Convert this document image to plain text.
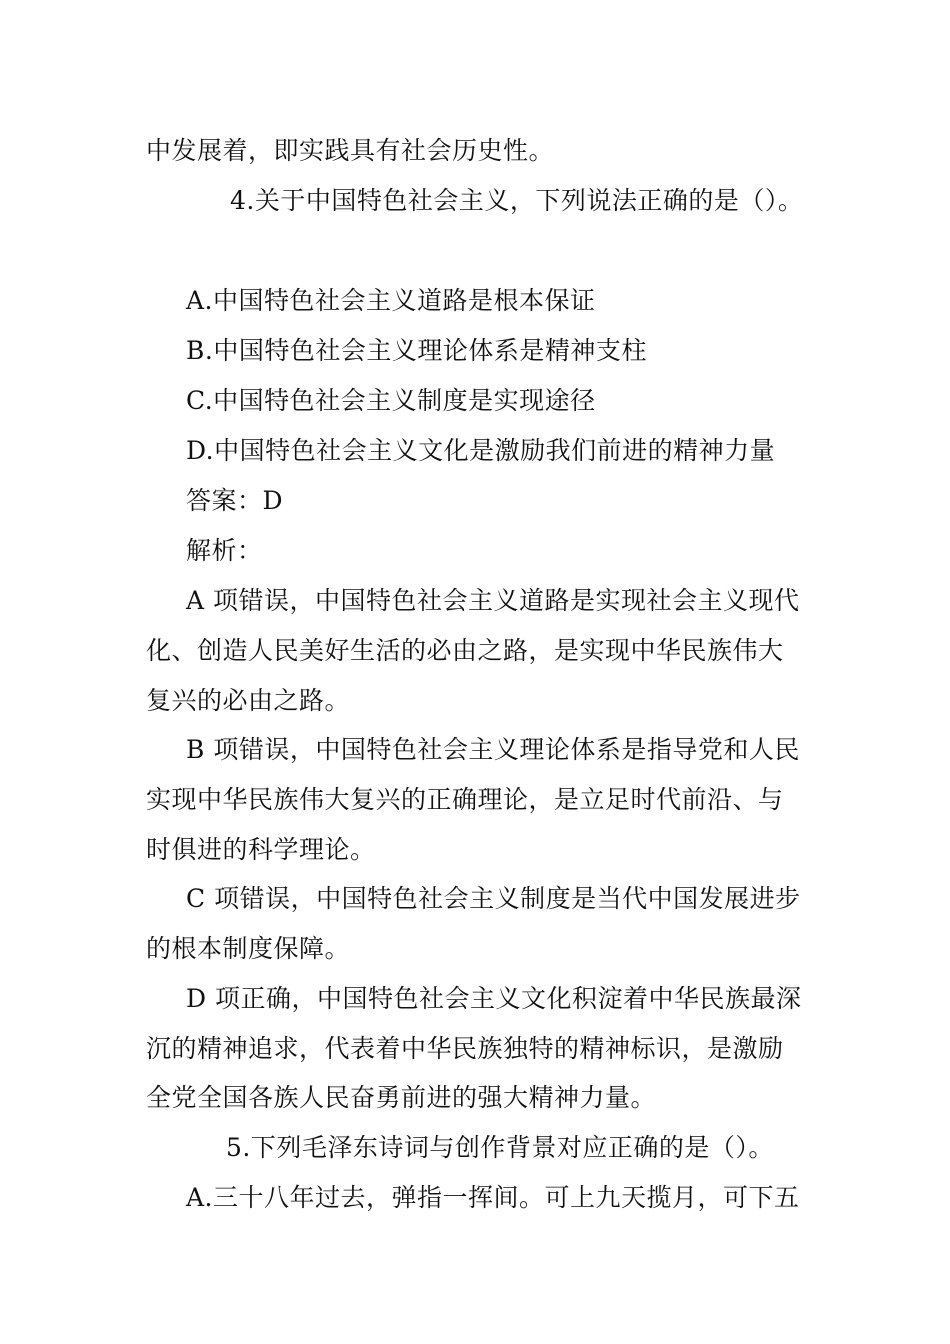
中发展着，即实践具有社会历史性。
4.关于中国特色社会主义，下列说法正确的是（）。
A.中国特色社会主义道路是根本保证
B.中国特色社会主义理论体系是精神支柱
C.中国特色社会主义制度是实现途径
D.中国特色社会主义文化是激励我们前进的精神力量
答案：D
解析：
A 项错误，中国特色社会主义道路是实现社会主义现代
化、创造人民美好生活的必由之路，是实现中华民族伟大
复兴的必由之路。
B 项错误，中国特色社会主义理论体系是指导党和人民
实现中华民族伟大复兴的正确理论，是立足时代前沿、与
时俱进的科学理论。
C 项错误，中国特色社会主义制度是当代中国发展进步
的根本制度保障。
D 项正确，中国特色社会主义文化积淀着中华民族最深
沉的精神追求，代表着中华民族独特的精神标识，是激励
全党全国各族人民奋勇前进的强大精神力量。
5.下列毛泽东诗词与创作背景对应正确的是（）。
A.三十八年过去，弹指一挥间。可上九天揽月，可下五
